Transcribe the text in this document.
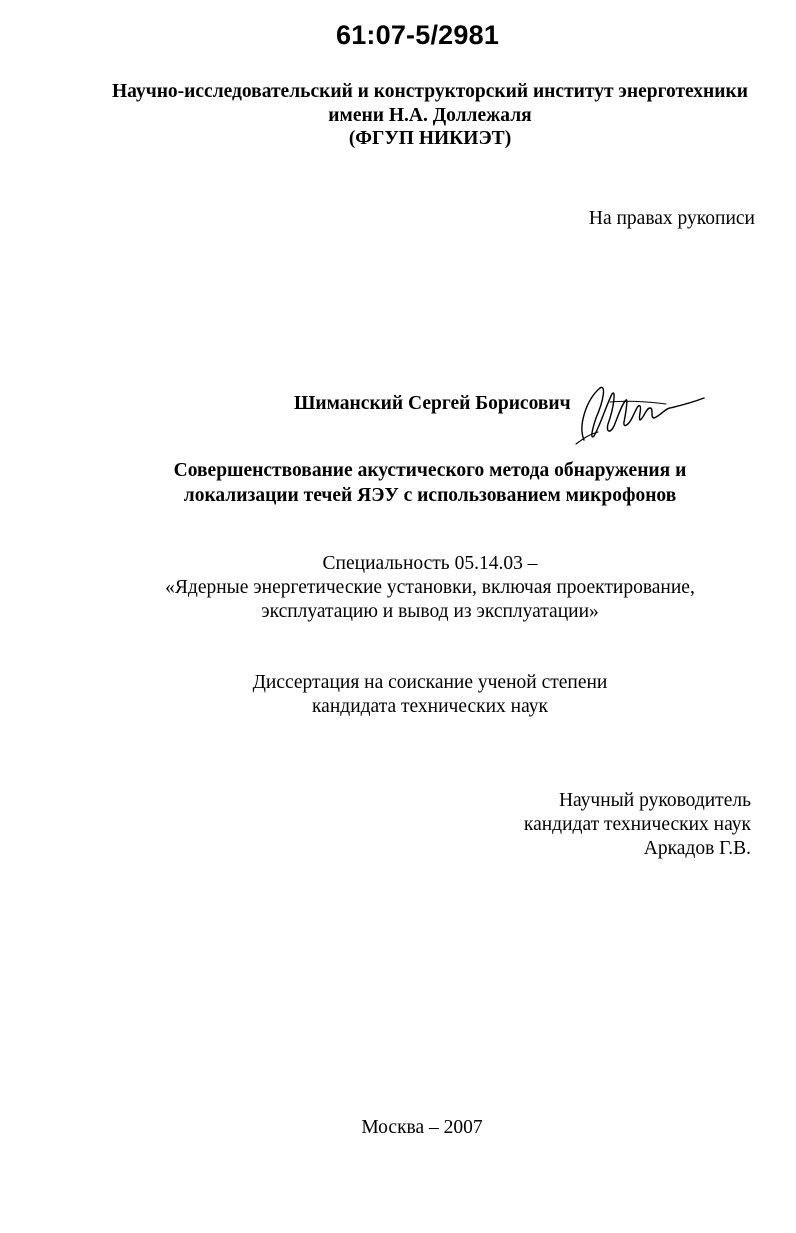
61:07-5/2981
Научно-исследовательский и конструкторский институт энерготехники
имени Н.А. Доллежаля
(ФГУП НИКИЭТ)
На правах рукописи
Шиманский Сергей Борисович
Совершенствование акустического метода обнаружения и
локализации течей ЯЭУ с использованием микрофонов
Специальность 05.14.03 –
«Ядерные энергетические установки, включая проектирование,
эксплуатацию и вывод из эксплуатации»
Диссертация на соискание ученой степени
кандидата технических наук
Научный руководитель
кандидат технических наук
Аркадов Г.В.
Москва – 2007
